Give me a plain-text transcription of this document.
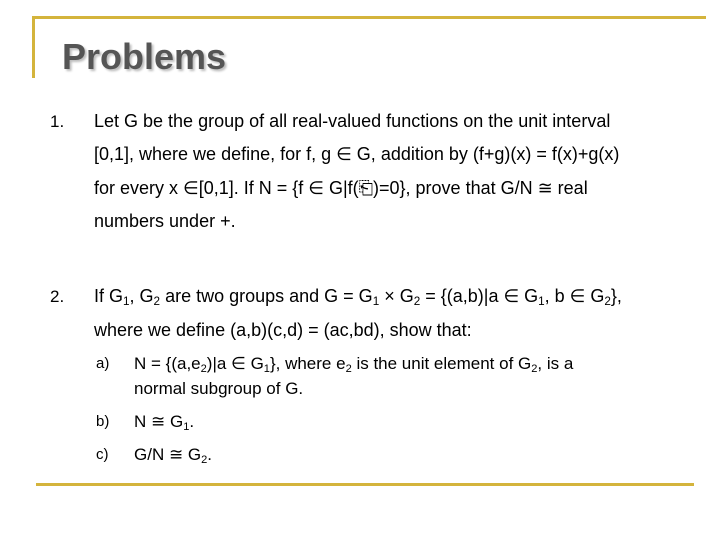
Problems
1. Let G be the group of all real-valued functions on the unit interval
[0,1], where we define, for f, g ∈ G, addition by (f+g)(x) = f(x)+g(x)
for every x ∈[0,1]. If N = {f ∈ G|f(⎗)=0}, prove that G/N ≅ real
numbers under +.
2. If $G_1$, $G_2$ are two groups and $G = G_1 \times G_2 = \{(a,b)|a$ ∈ $G_1$, b ∈ $G_2$},
where we define (a,b)(c,d) = (ac,bd), show that:
a) $N = \{(a,e_2)|a$ ∈ $G_1$}, where $e_2$ is the unit element of $G_2$, is a
normal subgroup of G.
b) N ≅ $G_1$.
c) G/N ≅ $G_2$.
